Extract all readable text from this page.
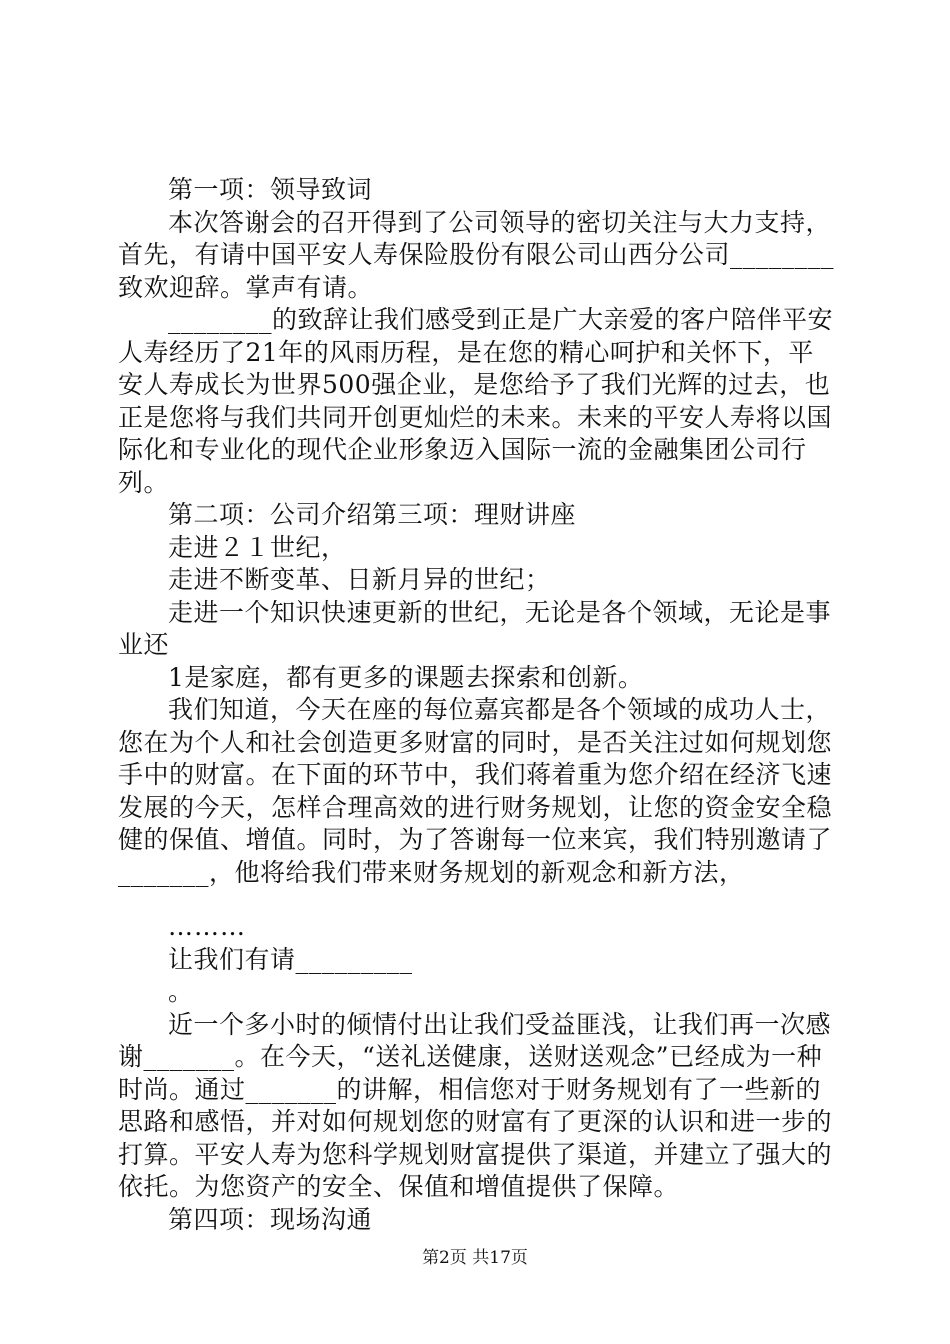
第一项：领导致词

本次答谢会的召开得到了公司领导的密切关注与大力支持，首先，有请中国平安人寿保险股份有限公司山西分公司________致欢迎辞。掌声有请。

________的致辞让我们感受到正是广大亲爱的客户陪伴平安人寿经历了21年的风雨历程，是在您的精心呵护和关怀下，平安人寿成长为世界500强企业，是您给予了我们光辉的过去，也正是您将与我们共同开创更灿烂的未来。未来的平安人寿将以国际化和专业化的现代企业形象迈入国际一流的金融集团公司行列。

第二项：公司介绍第三项：理财讲座

走进２１世纪，

走进不断变革、日新月异的世纪；

走进一个知识快速更新的世纪，无论是各个领域，无论是事业还

1是家庭，都有更多的课题去探索和创新。

我们知道，今天在座的每位嘉宾都是各个领域的成功人士，您在为个人和社会创造更多财富的同时，是否关注过如何规划您手中的财富。在下面的环节中，我们蒋着重为您介绍在经济飞速发展的今天，怎样合理高效的进行财务规划，让您的资金安全稳健的保值、增值。同时，为了答谢每一位来宾，我们特别邀请了_______，他将给我们带来财务规划的新观念和新方法，

………

让我们有请_________

。

近一个多小时的倾情付出让我们受益匪浅，让我们再一次感谢_______。在今天，“送礼送健康，送财送观念”已经成为一种时尚。通过_______的讲解，相信您对于财务规划有了一些新的思路和感悟，并对如何规划您的财富有了更深的认识和进一步的打算。平安人寿为您科学规划财富提供了渠道，并建立了强大的依托。为您资产的安全、保值和增值提供了保障。

第四项：现场沟通

第2页 共17页
